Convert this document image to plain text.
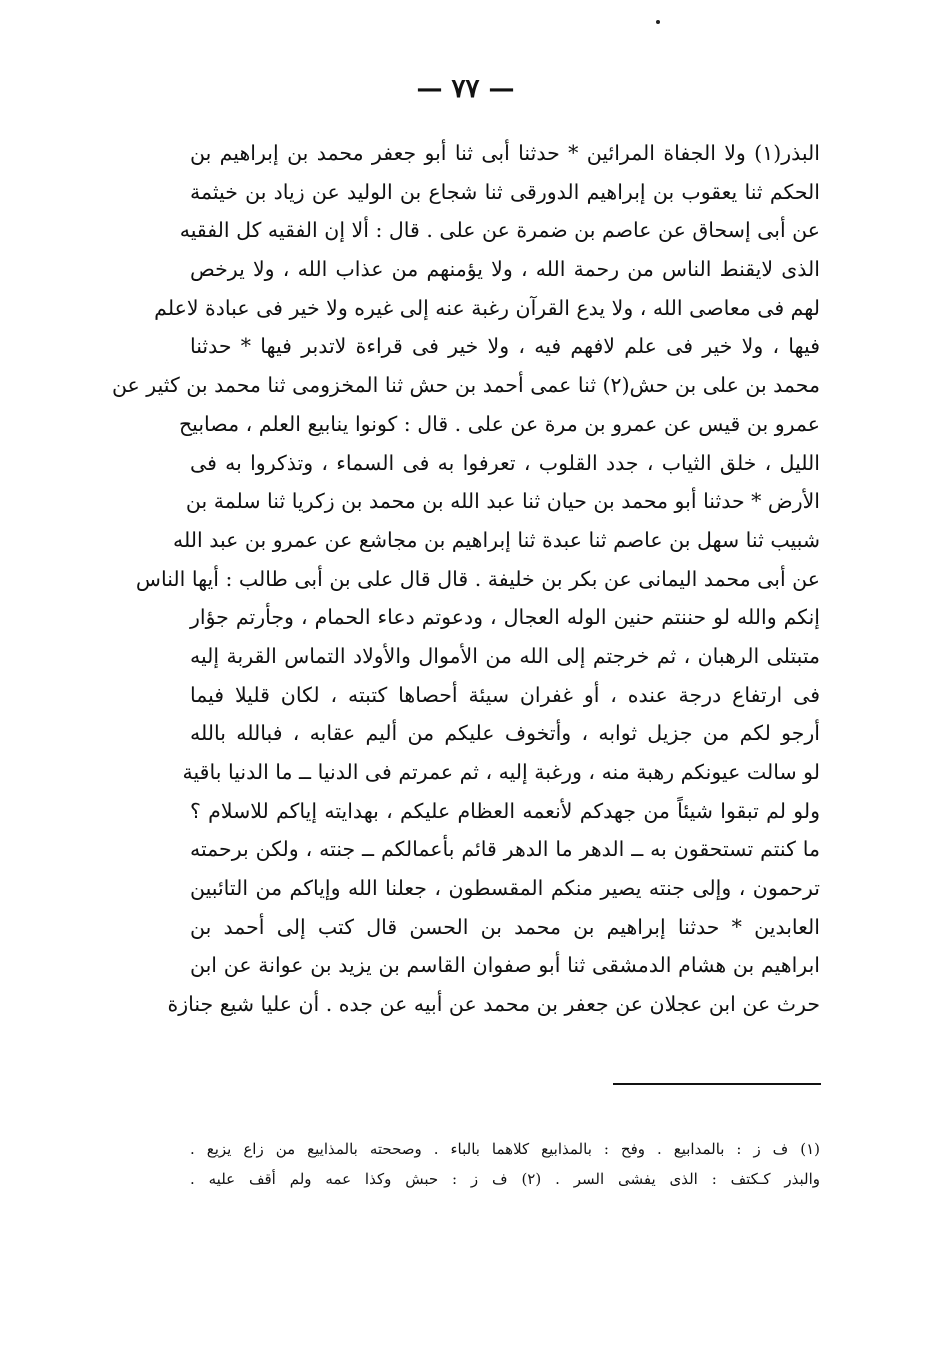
— ٧٧ —
البذر(١) ولا الجفاة المرائين * حدثنا أبى ثنا أبو جعفر محمد بن إبراهيم بن
الحكم ثنا يعقوب بن إبراهيم الدورقى ثنا شجاع بن الوليد عن زياد بن خيثمة
عن أبى إسحاق عن عاصم بن ضمرة عن على . قال : ألا إن الفقيه كل الفقيه
الذى لايقنط الناس من رحمة الله ، ولا يؤمنهم من عذاب الله ، ولا يرخص
لهم فى معاصى الله ، ولا يدع القرآن رغبة عنه إلى غيره ولا خير فى عبادة لاعلم
فيها ، ولا خير فى علم لافهم فيه ، ولا خير فى قراءة لاتدبر فيها * حدثنا
محمد بن على بن حش(٢) ثنا عمى أحمد بن حش ثنا المخزومى ثنا محمد بن كثير عن
عمرو بن قيس عن عمرو بن مرة عن على . قال : كونوا ينابيع العلم ، مصابيح
الليل ، خلق الثياب ، جدد القلوب ، تعرفوا به فى السماء ، وتذكروا به فى
الأرض * حدثنا أبو محمد بن حيان ثنا عبد الله بن محمد بن زكريا ثنا سلمة بن
شبيب ثنا سهل بن عاصم ثنا عبدة ثنا إبراهيم بن مجاشع عن عمرو بن عبد الله
عن أبى محمد اليمانى عن بكر بن خليفة . قال قال على بن أبى طالب : أيها الناس
إنكم والله لو حننتم حنين الوله العجال ، ودعوتم دعاء الحمام ، وجأرتم جؤار
متبتلى الرهبان ، ثم خرجتم إلى الله من الأموال والأولاد التماس القربة إليه
فى ارتفاع درجة عنده ، أو غفران سيئة أحصاها كتبته ، لكان قليلا فيما
أرجو لكم من جزيل ثوابه ، وأتخوف عليكم من أليم عقابه ، فبالله بالله
لو سالت عيونكم رهبة منه ، ورغبة إليه ، ثم عمرتم فى الدنيا ــ ما الدنيا باقية
ولو لم تبقوا شيئاً من جهدكم لأنعمه العظام عليكم ، بهدايته إياكم للاسلام ؟
ما كنتم تستحقون به ــ الدهر ما الدهر قائم بأعمالكم ــ جنته ، ولكن برحمته
ترحمون ، وإلى جنته يصير منكم المقسطون ، جعلنا الله وإياكم من التائبين
العابدين * حدثنا إبراهيم بن محمد بن الحسن قال كتب إلى أحمد بن
ابراهيم بن هشام الدمشقى ثنا أبو صفوان القاسم بن يزيد بن عوانة عن ابن
حرث عن ابن عجلان عن جعفر بن محمد عن أبيه عن جده . أن عليا شيع جنازة
(١) ف ز : بالمدابيع . وفح : بالمذابيع كلاهما بالباء . وصححته بالمذاييع من زاع يزيع .
والبذر كـكتف : الذى يفشى السر . (٢) ف ز : حبش وكذا عمه ولم أقف عليه .
